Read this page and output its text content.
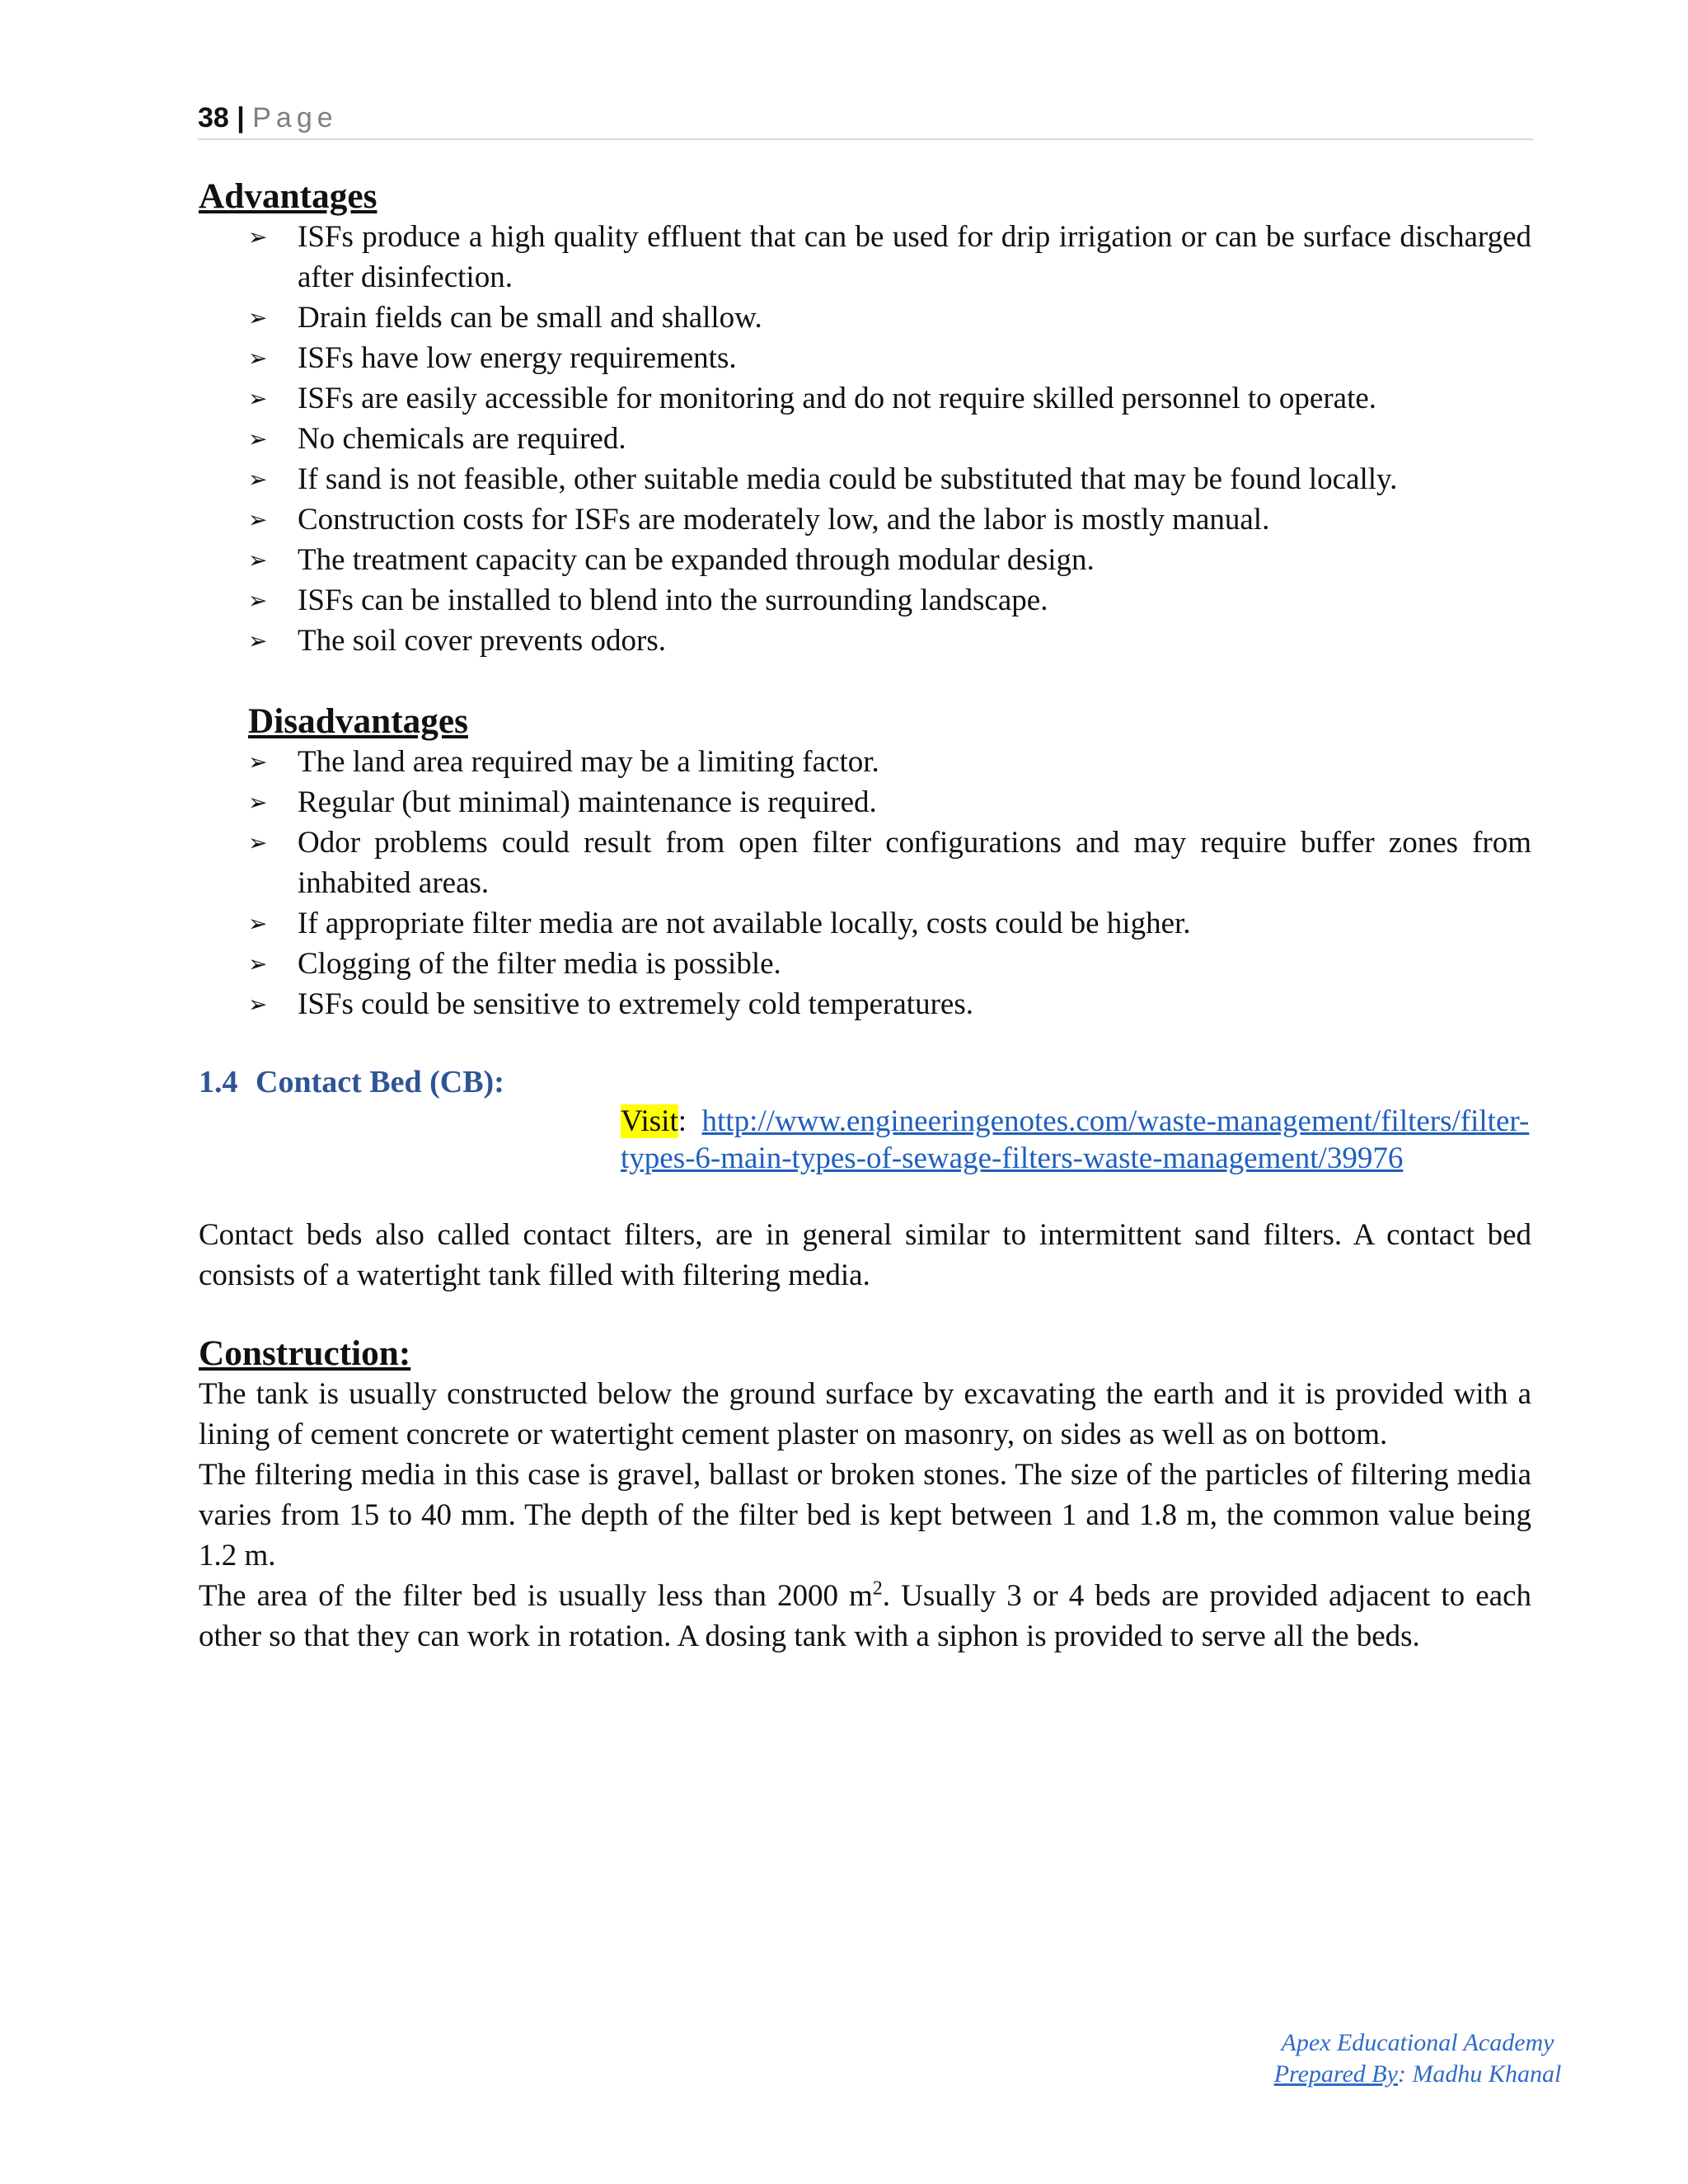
38 | Page
Advantages
➢ ISFs produce a high quality effluent that can be used for drip irrigation or can be surface discharged after disinfection.
➢ Drain fields can be small and shallow.
➢ ISFs have low energy requirements.
➢ ISFs are easily accessible for monitoring and do not require skilled personnel to operate.
➢ No chemicals are required.
➢ If sand is not feasible, other suitable media could be substituted that may be found locally.
➢ Construction costs for ISFs are moderately low, and the labor is mostly manual.
➢ The treatment capacity can be expanded through modular design.
➢ ISFs can be installed to blend into the surrounding landscape.
➢ The soil cover prevents odors.
Disadvantages
➢ The land area required may be a limiting factor.
➢ Regular (but minimal) maintenance is required.
➢ Odor problems could result from open filter configurations and may require buffer zones from inhabited areas.
➢ If appropriate filter media are not available locally, costs could be higher.
➢ Clogging of the filter media is possible.
➢ ISFs could be sensitive to extremely cold temperatures.
1.4 Contact Bed (CB):
Visit: http://www.engineeringenotes.com/waste-management/filters/filter-types-6-main-types-of-sewage-filters-waste-management/39976

Contact beds also called contact filters, are in general similar to intermittent sand filters. A contact bed consists of a watertight tank filled with filtering media.

Construction:

The tank is usually constructed below the ground surface by excavating the earth and it is provided with a lining of cement concrete or watertight cement plaster on masonry, on sides as well as on bottom.

The filtering media in this case is gravel, ballast or broken stones. The size of the particles of filtering media varies from 15 to 40 mm. The depth of the filter bed is kept between 1 and 1.8 m, the common value being 1.2 m.

The area of the filter bed is usually less than 2000 $m^2$. Usually 3 or 4 beds are provided adjacent to each other so that they can work in rotation. A dosing tank with a siphon is provided to serve all the beds.

Apex Educational Academy
Prepared By: Madhu Khanal
